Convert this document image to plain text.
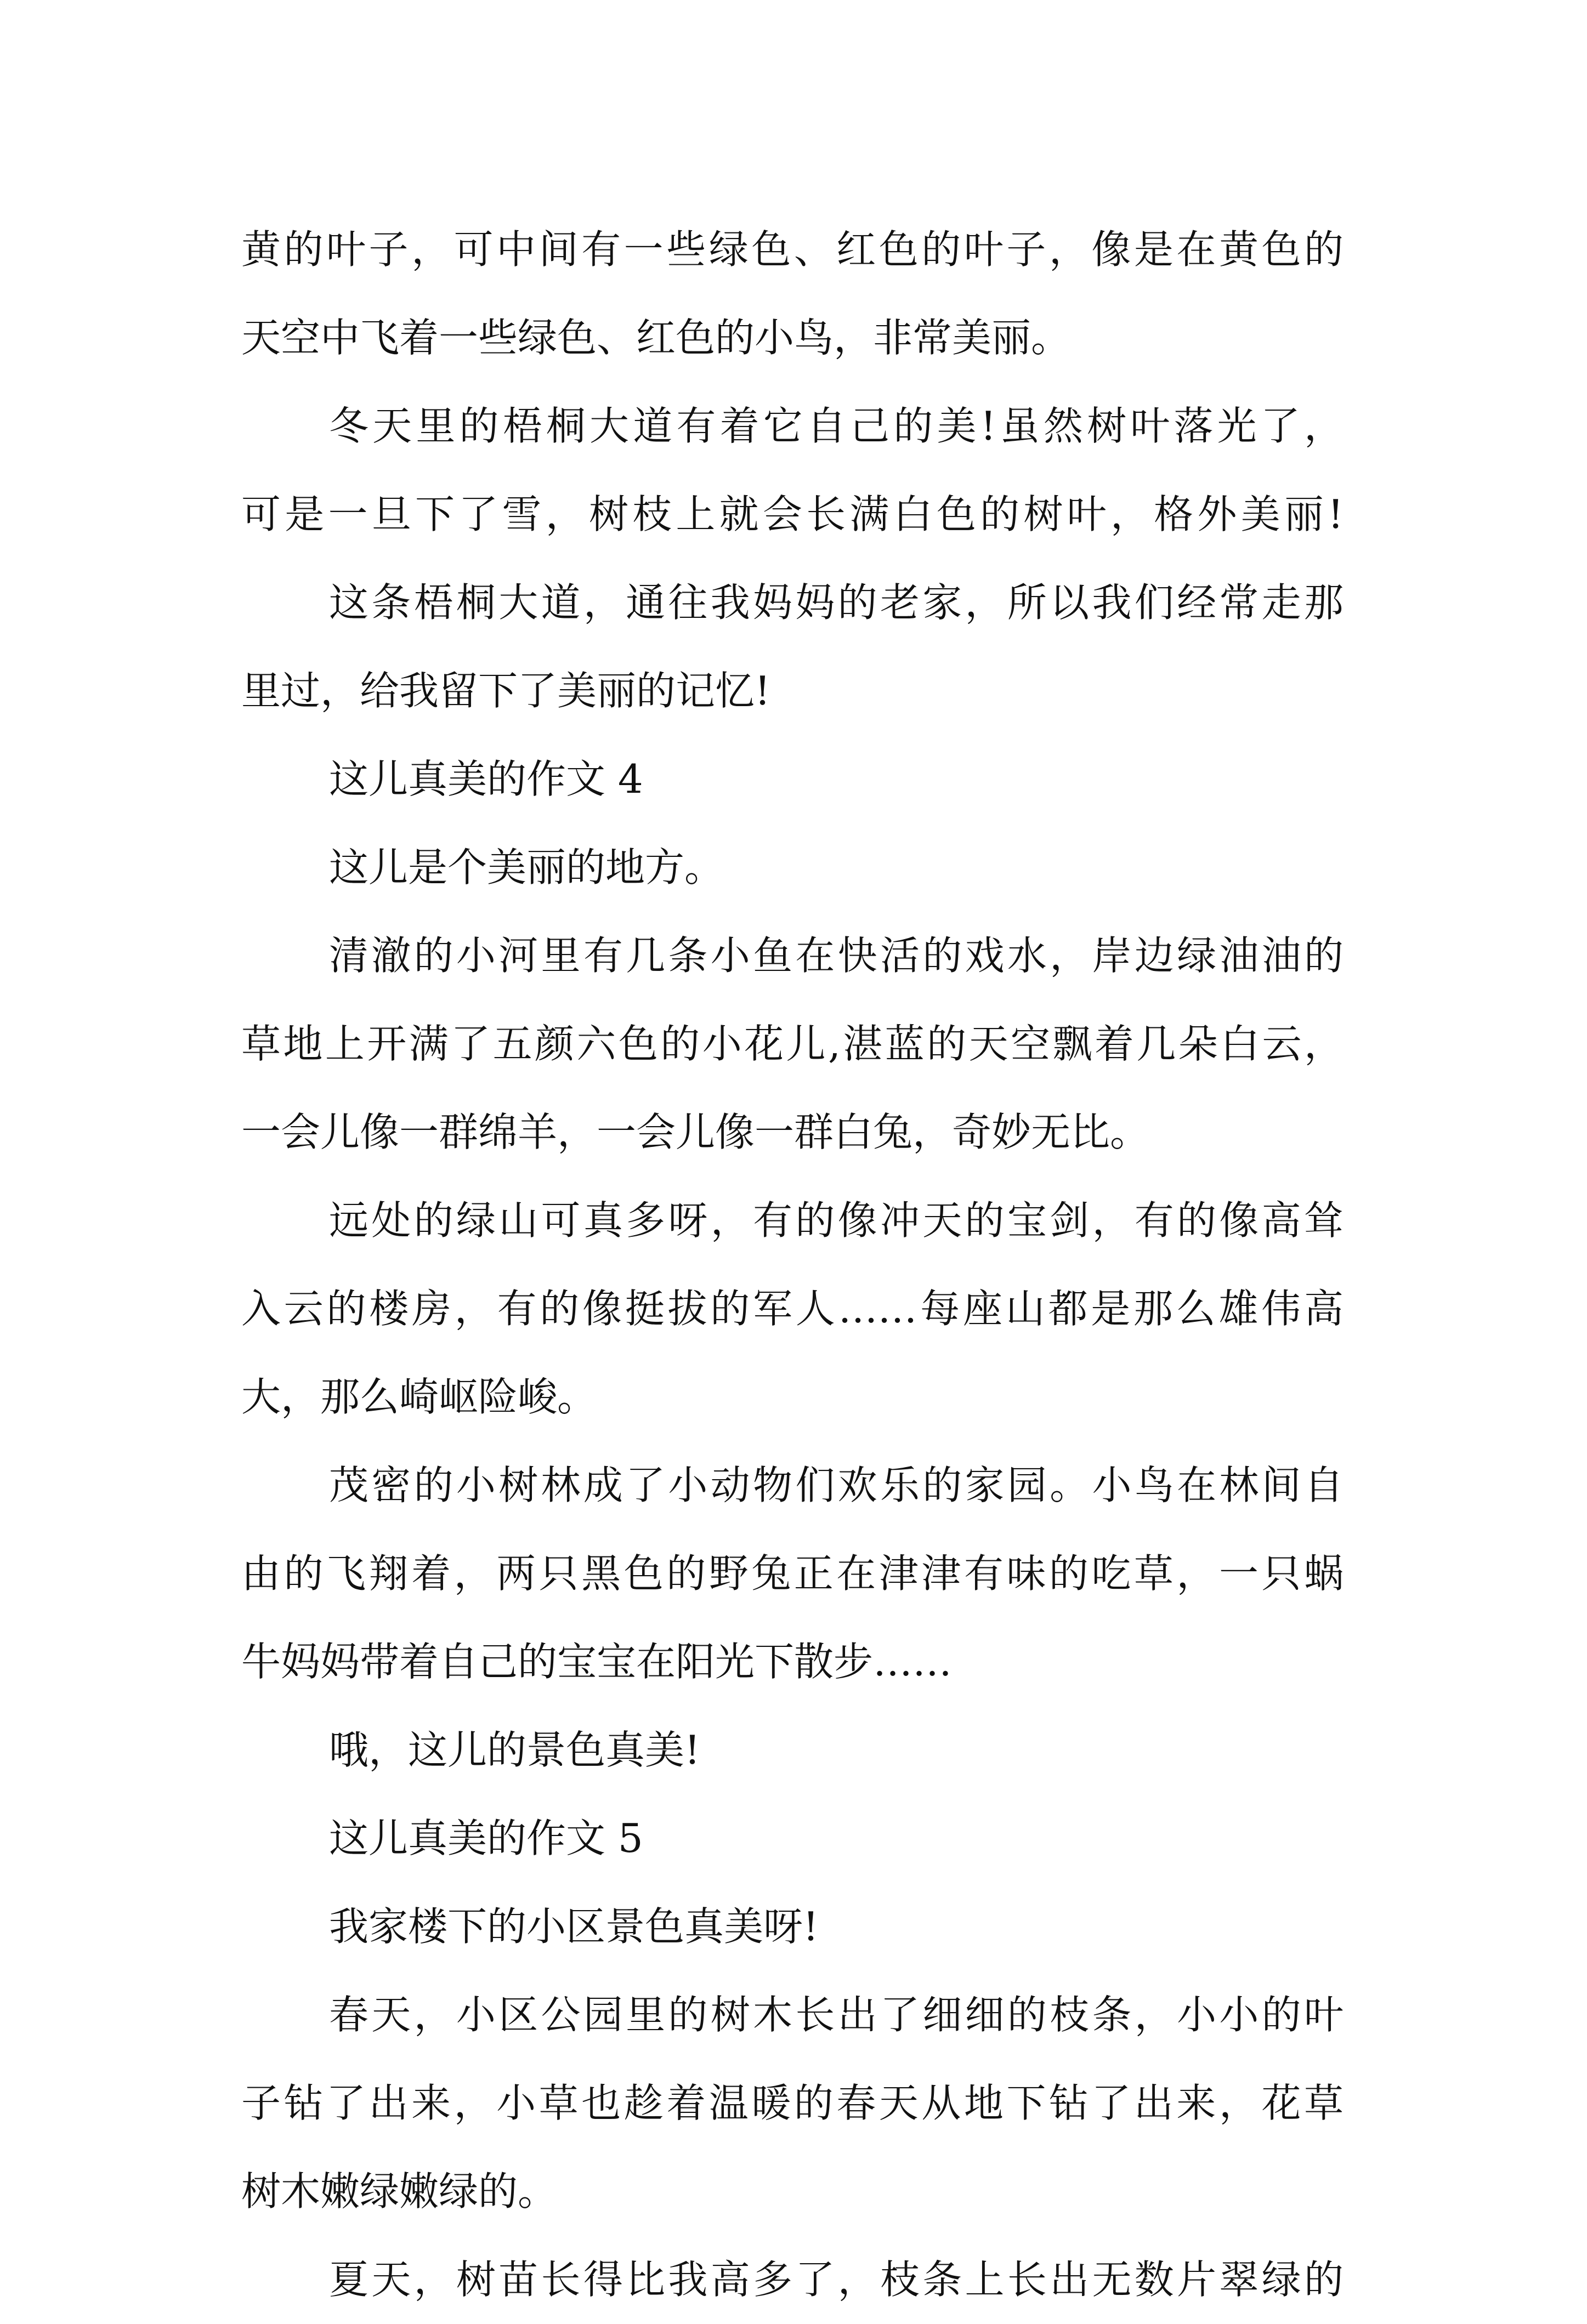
黄的叶子，可中间有一些绿色、红色的叶子，像是在黄色的
天空中飞着一些绿色、红色的小鸟，非常美丽。
冬天里的梧桐大道有着它自己的美!虽然树叶落光了，
可是一旦下了雪，树枝上就会长满白色的树叶，格外美丽!
这条梧桐大道，通往我妈妈的老家，所以我们经常走那
里过，给我留下了美丽的记忆!
这儿真美的作文 4
这儿是个美丽的地方。
清澈的小河里有几条小鱼在快活的戏水，岸边绿油油的
草地上开满了五颜六色的小花儿,湛蓝的天空飘着几朵白云，
一会儿像一群绵羊，一会儿像一群白兔，奇妙无比。
远处的绿山可真多呀，有的像冲天的宝剑，有的像高耸
入云的楼房，有的像挺拔的军人……每座山都是那么雄伟高
大，那么崎岖险峻。
茂密的小树林成了小动物们欢乐的家园。小鸟在林间自
由的飞翔着，两只黑色的野兔正在津津有味的吃草，一只蜗
牛妈妈带着自己的宝宝在阳光下散步……
哦，这儿的景色真美!
这儿真美的作文 5
我家楼下的小区景色真美呀!
春天，小区公园里的树木长出了细细的枝条，小小的叶
子钻了出来，小草也趁着温暖的春天从地下钻了出来，花草
树木嫩绿嫩绿的。
夏天，树苗长得比我高多了，枝条上长出无数片翠绿的
